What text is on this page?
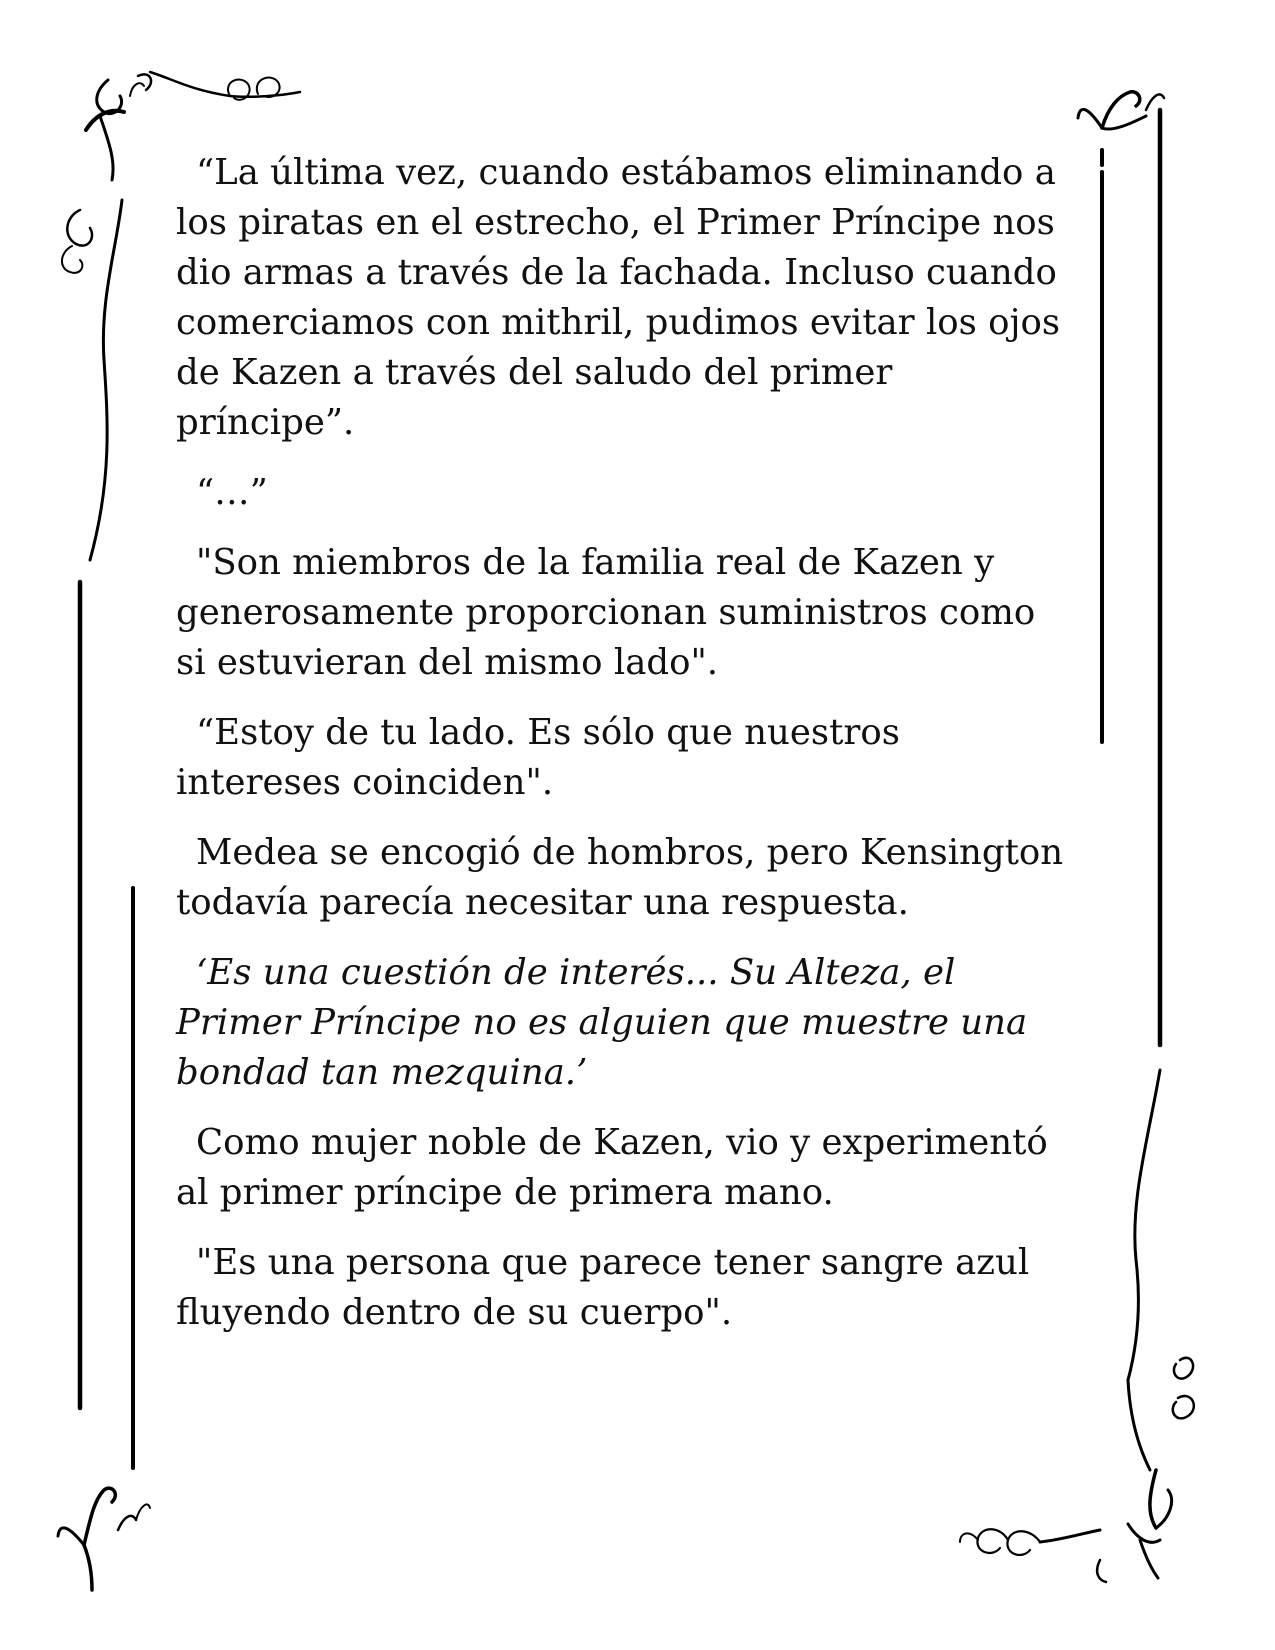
“La última vez, cuando estábamos eliminando a los piratas en el estrecho, el Primer Príncipe nos dio armas a través de la fachada. Incluso cuando comerciamos con mithril, pudimos evitar los ojos de Kazen a través del saludo del primer príncipe”.

“…”

"Son miembros de la familia real de Kazen y generosamente proporcionan suministros como si estuvieran del mismo lado".

“Estoy de tu lado. Es sólo que nuestros intereses coinciden".

Medea se encogió de hombros, pero Kensington todavía parecía necesitar una respuesta.

‘Es una cuestión de interés... Su Alteza, el Primer Príncipe no es alguien que muestre una bondad tan mezquina.’

Como mujer noble de Kazen, vio y experimentó al primer príncipe de primera mano.

"Es una persona que parece tener sangre azul fluyendo dentro de su cuerpo".
